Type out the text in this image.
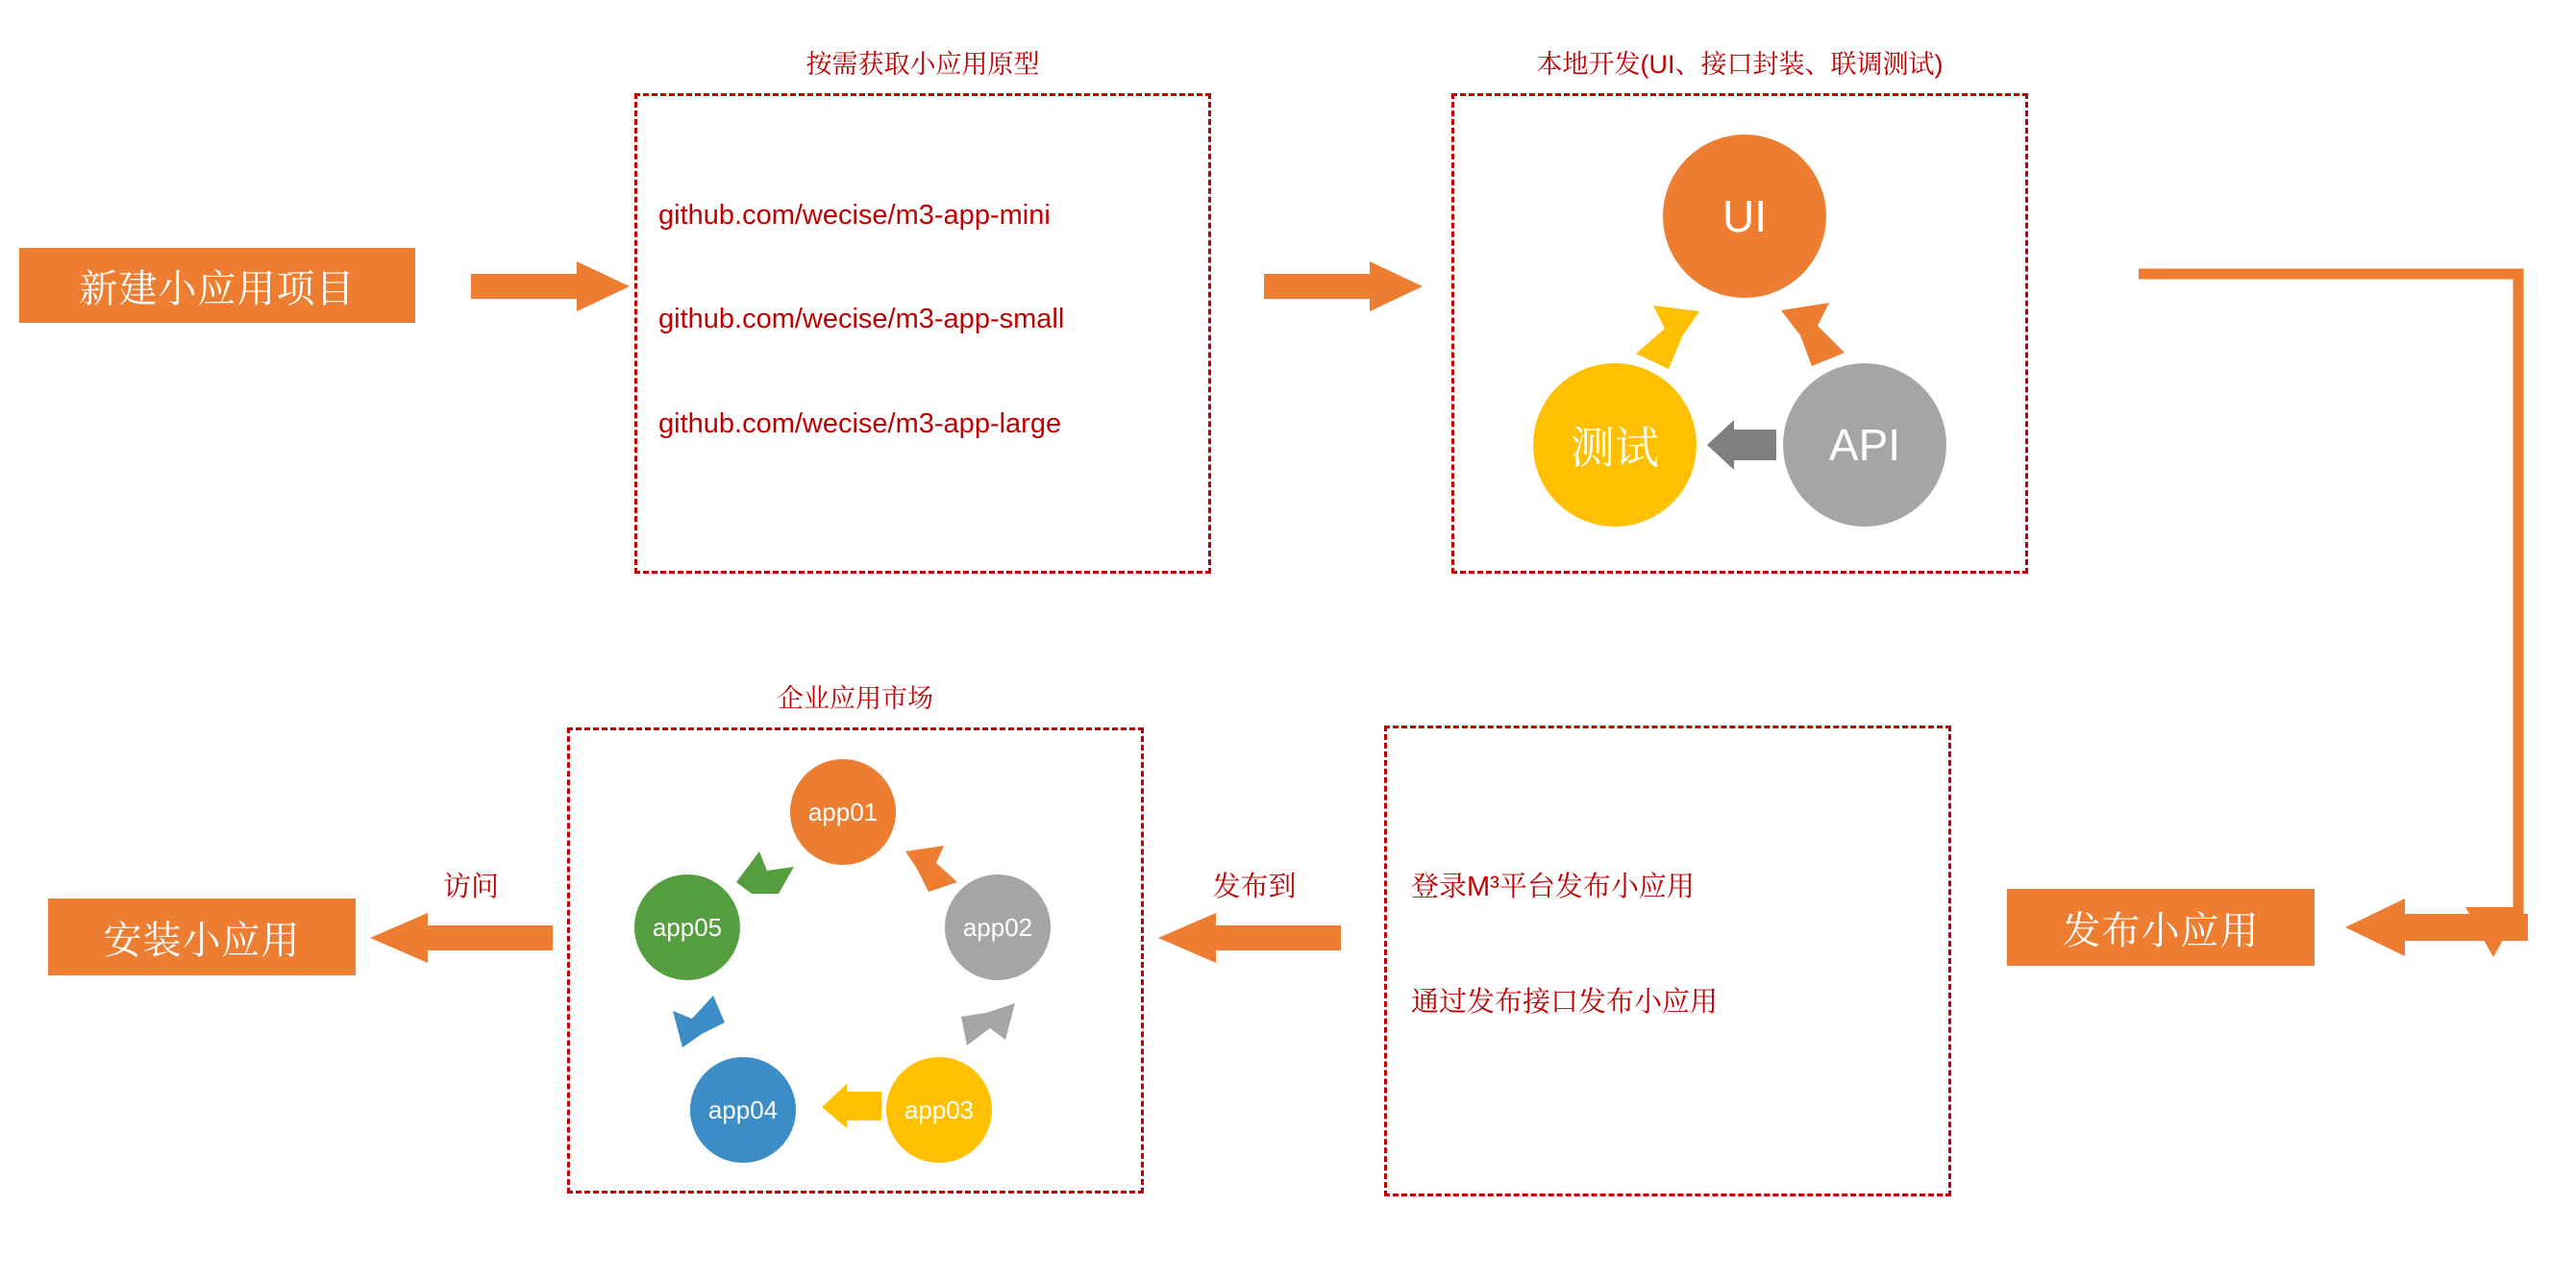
新建小应用项目
按需获取小应用原型
github.com/wecise/m3-app-mini
github.com/wecise/m3-app-small
github.com/wecise/m3-app-large
本地开发(UI、接口封装、联调测试)
UI
API
测试
发布小应用
登录M³平台发布小应用
通过发布接口发布小应用
发布到
企业应用市场
app01
app02
app03
app04
app05
访问
安装小应用
